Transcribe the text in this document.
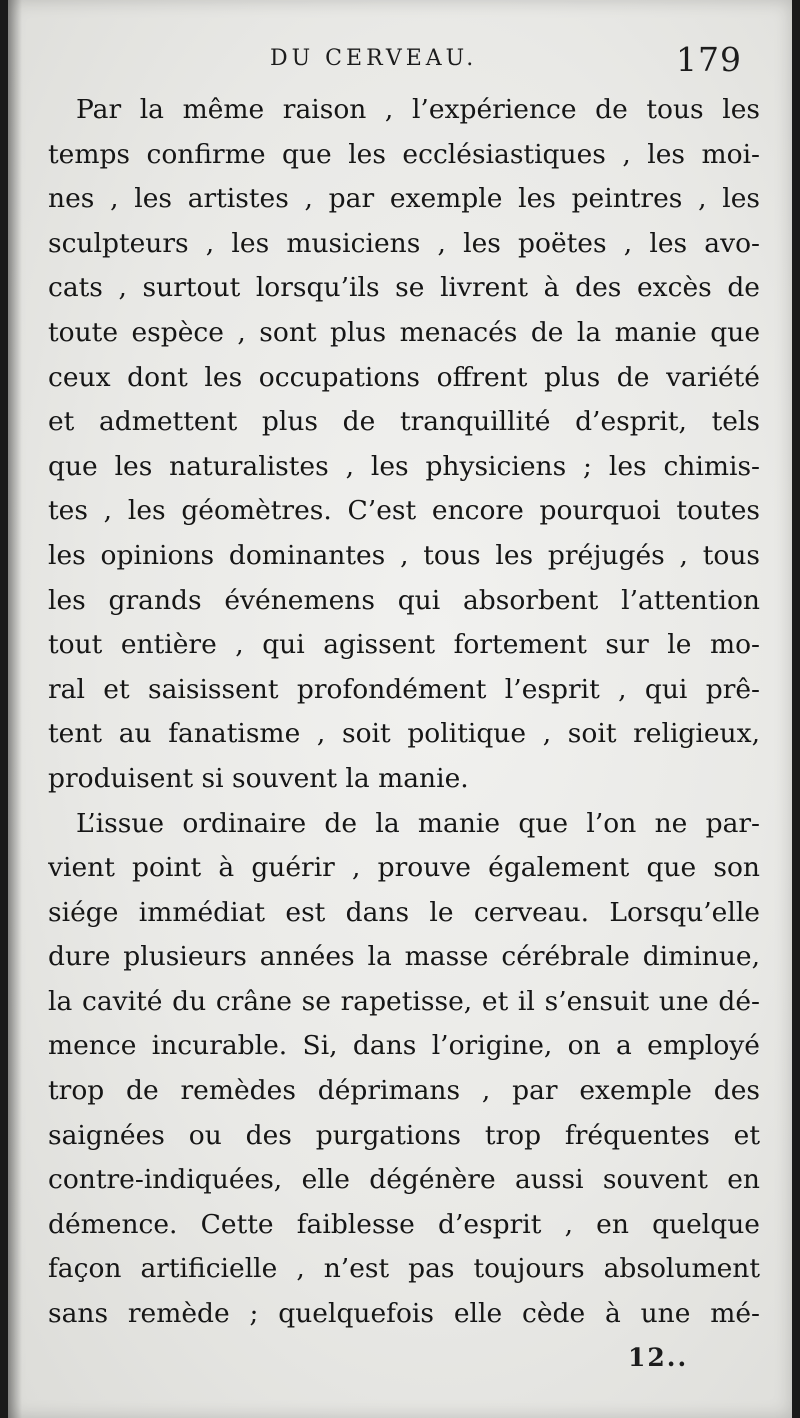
DU CERVEAU.	179
Par la même raison , l’expérience de tous les
temps confirme que les ecclésiastiques , les moi-
nes , les artistes , par exemple les peintres , les
sculpteurs , les musiciens , les poëtes , les avo-
cats , surtout lorsqu’ils se livrent à des excès de
toute espèce , sont plus menacés de la manie que
ceux dont les occupations offrent plus de variété
et admettent plus de tranquillité d’esprit, tels
que les naturalistes , les physiciens ; les chimis-
tes , les géomètres. C’est encore pourquoi toutes
les opinions dominantes , tous les préjugés , tous
les grands événemens qui absorbent l’attention
tout entière , qui agissent fortement sur le mo-
ral et saisissent profondément l’esprit , qui prê-
tent au fanatisme , soit politique , soit religieux,
produisent si souvent la manie.
L’issue ordinaire de la manie que l’on ne par-
vient point à guérir , prouve également que son
siége immédiat est dans le cerveau. Lorsqu’elle
dure plusieurs années la masse cérébrale diminue,
la cavité du crâne se rapetisse, et il s’ensuit une dé-
mence incurable. Si, dans l’origine, on a employé
trop de remèdes déprimans , par exemple des
saignées ou des purgations trop fréquentes et
contre-indiquées, elle dégénère aussi souvent en
démence. Cette faiblesse d’esprit , en quelque
façon artificielle , n’est pas toujours absolument
sans remède ; quelquefois elle cède à une mé-
12..
